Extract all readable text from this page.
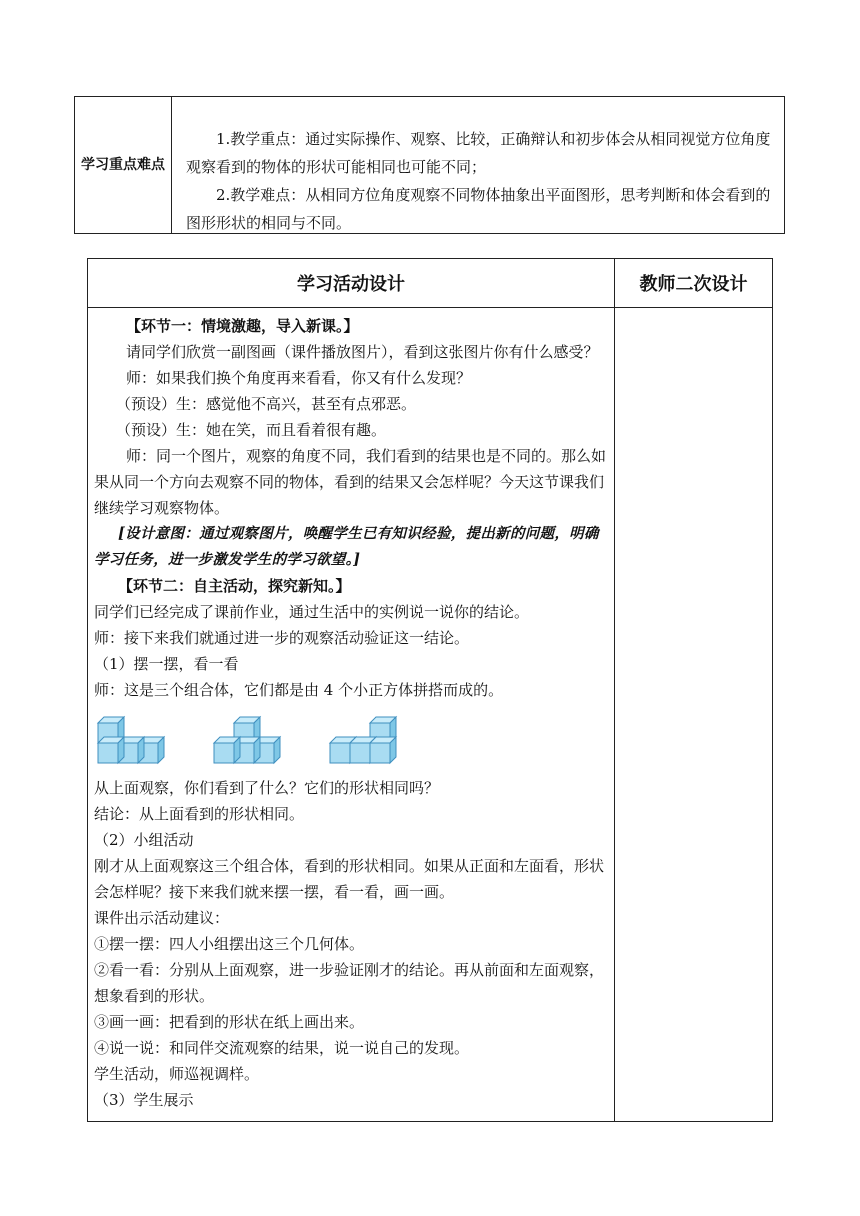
学习重点难点

1.教学重点：通过实际操作、观察、比较，正确辩认和初步体会从相同视觉方位角度观察看到的物体的形状可能相同也可能不同；

2.教学难点：从相同方位角度观察不同物体抽象出平面图形，思考判断和体会看到的图形形状的相同与不同。

学习活动设计	教师二次设计

【环节一：情境激趣，导入新课。】

请同学们欣赏一副图画（课件播放图片），看到这张图片你有什么感受？

师：如果我们换个角度再来看看，你又有什么发现？

（预设）生：感觉他不高兴，甚至有点邪恶。

（预设）生：她在笑，而且看着很有趣。

师：同一个图片，观察的角度不同，我们看到的结果也是不同的。那么如果从同一个方向去观察不同的物体，看到的结果又会怎样呢？今天这节课我们继续学习观察物体。

[设计意图：通过观察图片，唤醒学生已有知识经验，提出新的问题，明确学习任务，进一步激发学生的学习欲望。]

【环节二：自主活动，探究新知。】

同学们已经完成了课前作业，通过生活中的实例说一说你的结论。

师：接下来我们就通过进一步的观察活动验证这一结论。

（1）摆一摆，看一看

师：这是三个组合体，它们都是由 4 个小正方体拼搭而成的。

从上面观察，你们看到了什么？它们的形状相同吗？

结论：从上面看到的形状相同。

（2）小组活动

刚才从上面观察这三个组合体，看到的形状相同。如果从正面和左面看，形状会怎样呢？接下来我们就来摆一摆，看一看，画一画。

课件出示活动建议：

①摆一摆：四人小组摆出这三个几何体。

②看一看：分别从上面观察，进一步验证刚才的结论。再从前面和左面观察，想象看到的形状。

③画一画：把看到的形状在纸上画出来。

④说一说：和同伴交流观察的结果，说一说自己的发现。

学生活动，师巡视调样。

（3）学生展示
